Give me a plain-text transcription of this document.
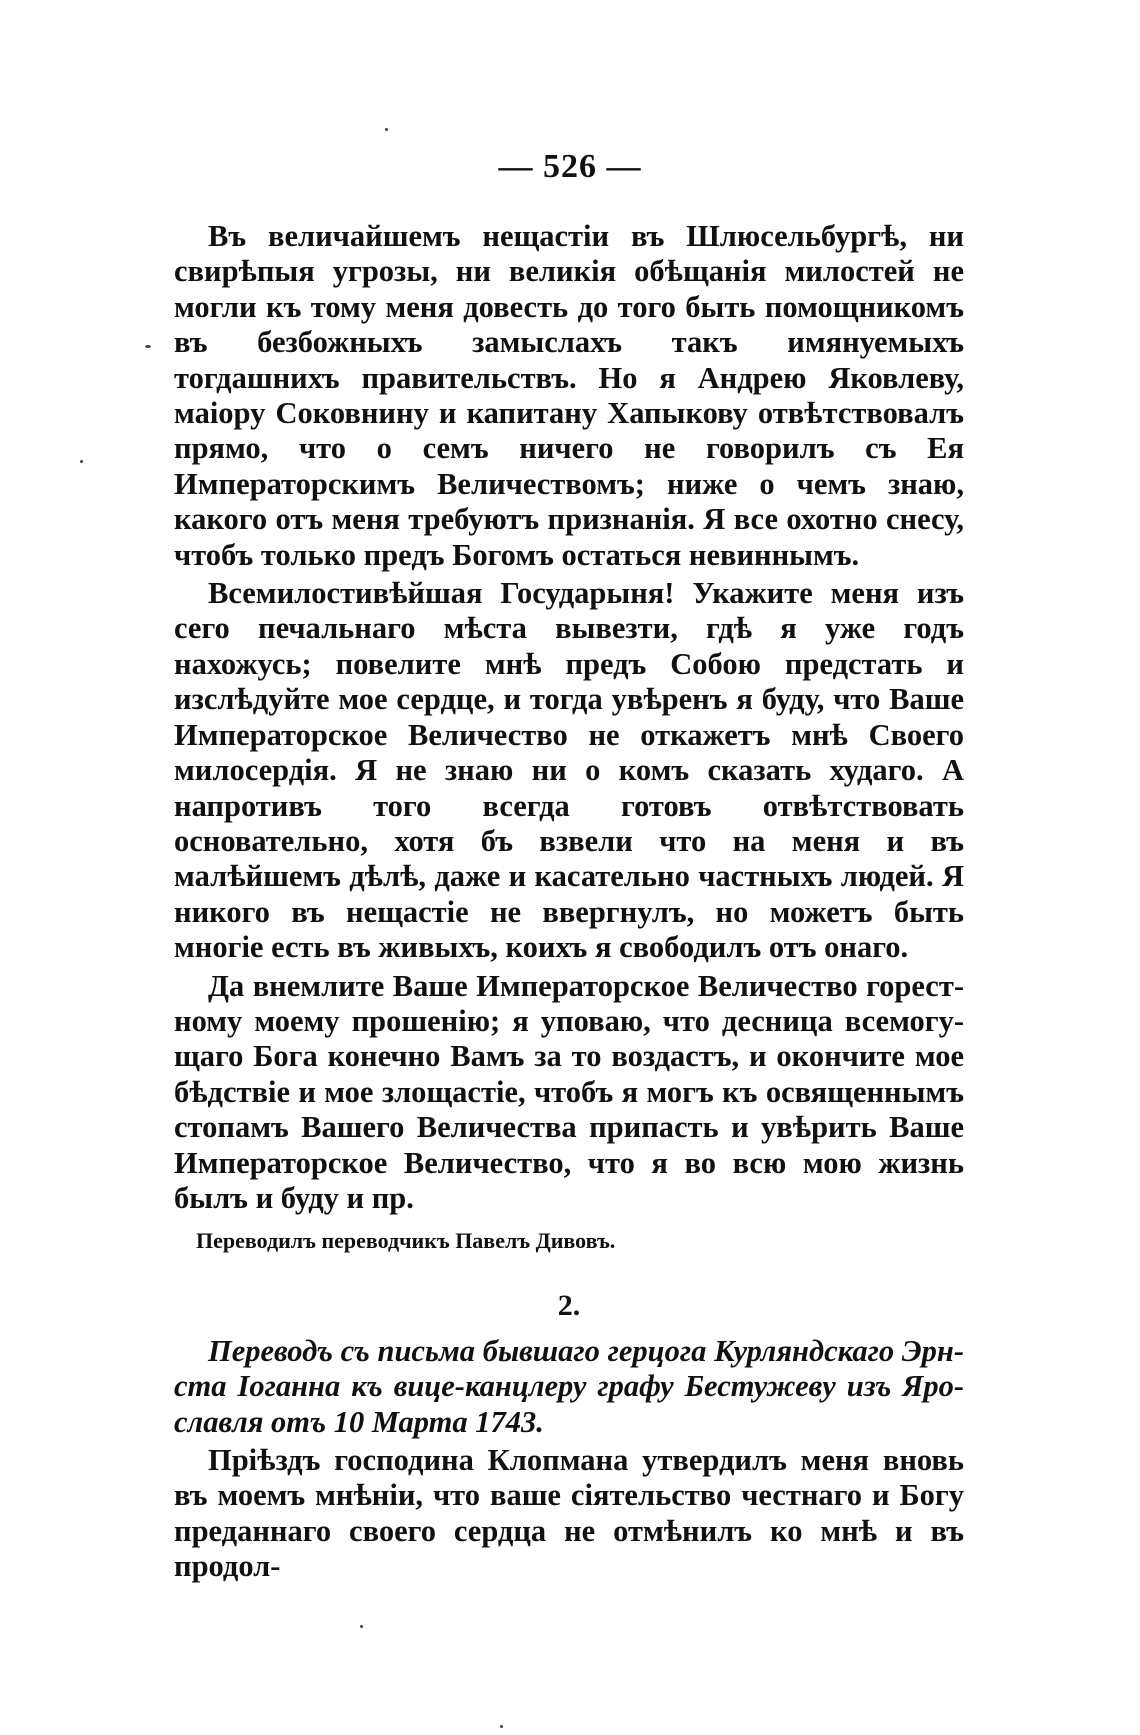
— 526 —

Въ величайшемъ нещастіи въ Шлюсельбургѣ, ни свирѣпыя угрозы, ни великія обѣщанія милостей не могли къ тому меня довесть до того быть помощникомъ въ безбожныхъ замыслахъ такъ имянуемыхъ тогдашнихъ правительствъ. Но я Андрею Яковлеву, маіору Соковнину и капитану Хапыкову отвѣтствовалъ прямо, что о семъ ничего не говорилъ съ Ея Императорскимъ Величествомъ; ниже о чемъ знаю, какого отъ меня требуютъ признанія. Я все охотно снесу, чтобъ только предъ Богомъ остаться невиннымъ.

Всемилостивѣйшая Государыня! Укажите меня изъ сего печальнаго мѣста вывезти, гдѣ я уже годъ нахожусь; повелите мнѣ предъ Собою предстать и изслѣдуйте мое сердце, и тогда увѣренъ я буду, что Ваше Императорское Величество не откажетъ мнѣ Своего милосердія. Я не знаю ни о комъ сказать худаго. А напротивъ того всегда готовъ отвѣтствовать основательно, хотя бъ взвели что на меня и въ малѣйшемъ дѣлѣ, даже и касательно частныхъ людей. Я никого въ нещастіе не ввергнулъ, но можетъ быть многіе есть въ живыхъ, коихъ я свободилъ отъ онаго.

Да внемлите Ваше Императорское Величество горестному моему прошенію; я уповаю, что десница всемогущаго Бога конечно Вамъ за то воздастъ, и окончите мое бѣдствіе и мое злощастіе, чтобъ я могъ къ освященнымъ стопамъ Вашего Величества припасть и увѣрить Ваше Императорское Величество, что я во всю мою жизнь былъ и буду и пр.

Переводилъ переводчикъ Павелъ Дивовъ.
2.

Переводъ съ письма бывшаго герцога Курляндскаго Эрнста Іоганна къ вице-канцлеру графу Бестужеву изъ Ярославля отъ 10 Марта 1743.

Пріѣздъ господина Клопмана утвердилъ меня вновь въ моемъ мнѣніи, что ваше сіятельство честнаго и Богу преданнаго своего сердца не отмѣнилъ ко мнѣ и въ продол-
